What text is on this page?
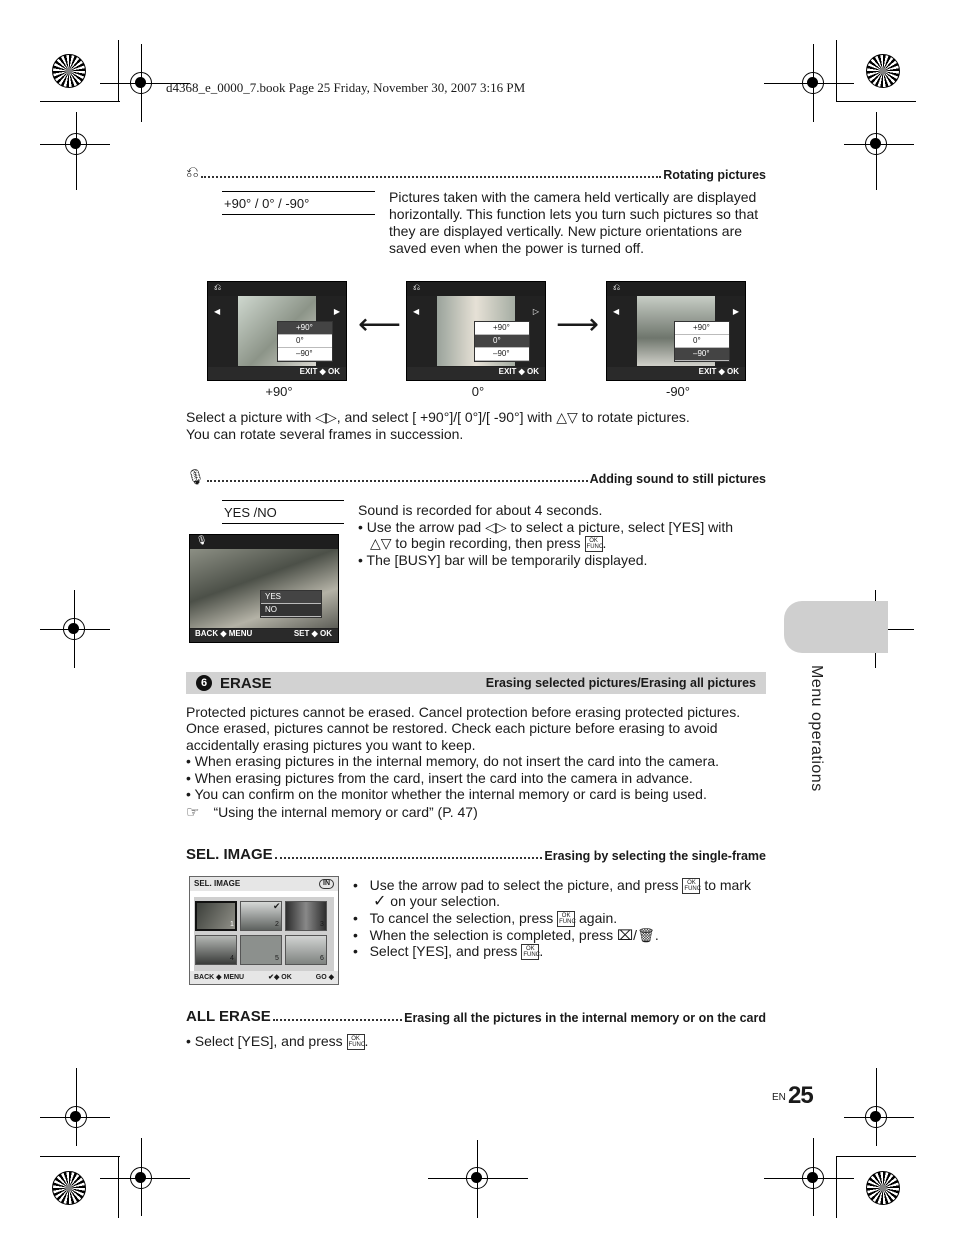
d4368_e_0000_7.book Page 25 Friday, November 30, 2007 3:16 PM
⎌	Rotating pictures
+90° / 0° / -90°	Pictures taken with the camera held vertically are displayed horizontally. This function lets you turn such pictures so that they are displayed vertically. New picture orientations are saved even when the power is turned off.
⎌
◀	▶
+90°
0°
–90°
EXIT ◆ OK
+90°
⟵
⎌
◀	▷
+90°
0°
–90°
EXIT ◆ OK
0°
⟶
⎌
◀	▶
+90°
0°
–90°
EXIT ◆ OK
-90°
Select a picture with ◁▷, and select [ +90°]/[ 0°]/[ -90°] with △▽ to rotate pictures.
You can rotate several frames in succession.
🎙	Adding sound to still pictures
YES /NO	Sound is recorded for about 4 seconds.
• Use the arrow pad ◁▷ to select a picture, select [YES] with
△▽ to begin recording, then press OK
FUNC.
• The [BUSY] bar will be temporarily displayed.
🎙
YES
NO
BACK ◆ MENU	SET ◆ OK
Menu operations
6 ERASE	Erasing selected pictures/Erasing all pictures
Protected pictures cannot be erased. Cancel protection before erasing protected pictures.
Once erased, pictures cannot be restored. Check each picture before erasing to avoid
accidentally erasing pictures you want to keep.
• When erasing pictures in the internal memory, do not insert the card into the camera.
• When erasing pictures from the card, insert the card into the camera in advance.
• You can confirm on the monitor whether the internal memory or card is being used.
☞ “Using the internal memory or card” (P. 47)
SEL. IMAGE	Erasing by selecting the single-frame
SEL. IMAGE	IN
1	2	3
4	5	6
✔
BACK ◆ MENU	✔◆ OK	GO ◆
•   Use the arrow pad to select the picture, and press OK
FUNC to mark
✓ on your selection.
•   To cancel the selection, press OK
FUNC again.
•   When the selection is completed, press ⌧/🗑.
•   Select [YES], and press OK
FUNC.
ALL ERASE	Erasing all the pictures in the internal memory or on the card
• Select [YES], and press OK
FUNC.
EN 25
